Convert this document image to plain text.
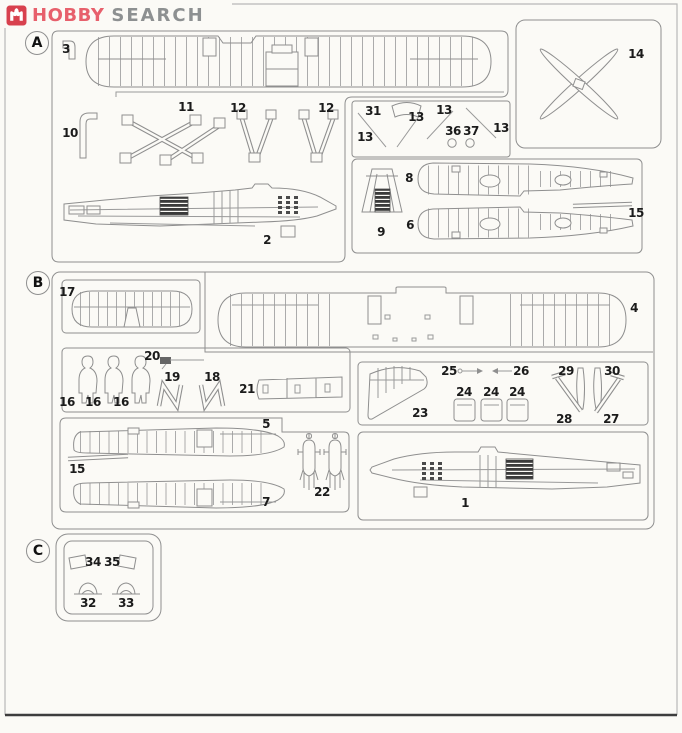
HOBBY SEARCH
A	3
10
11	12	12	31
13
13 13
13
36 37
14
2
9
8
6
15
B
17
4
20
19 18
16 16 16
21
23
25	26
24 24 24
29	30
28	27
5
15
7
22
1
C
34 35
32 33
